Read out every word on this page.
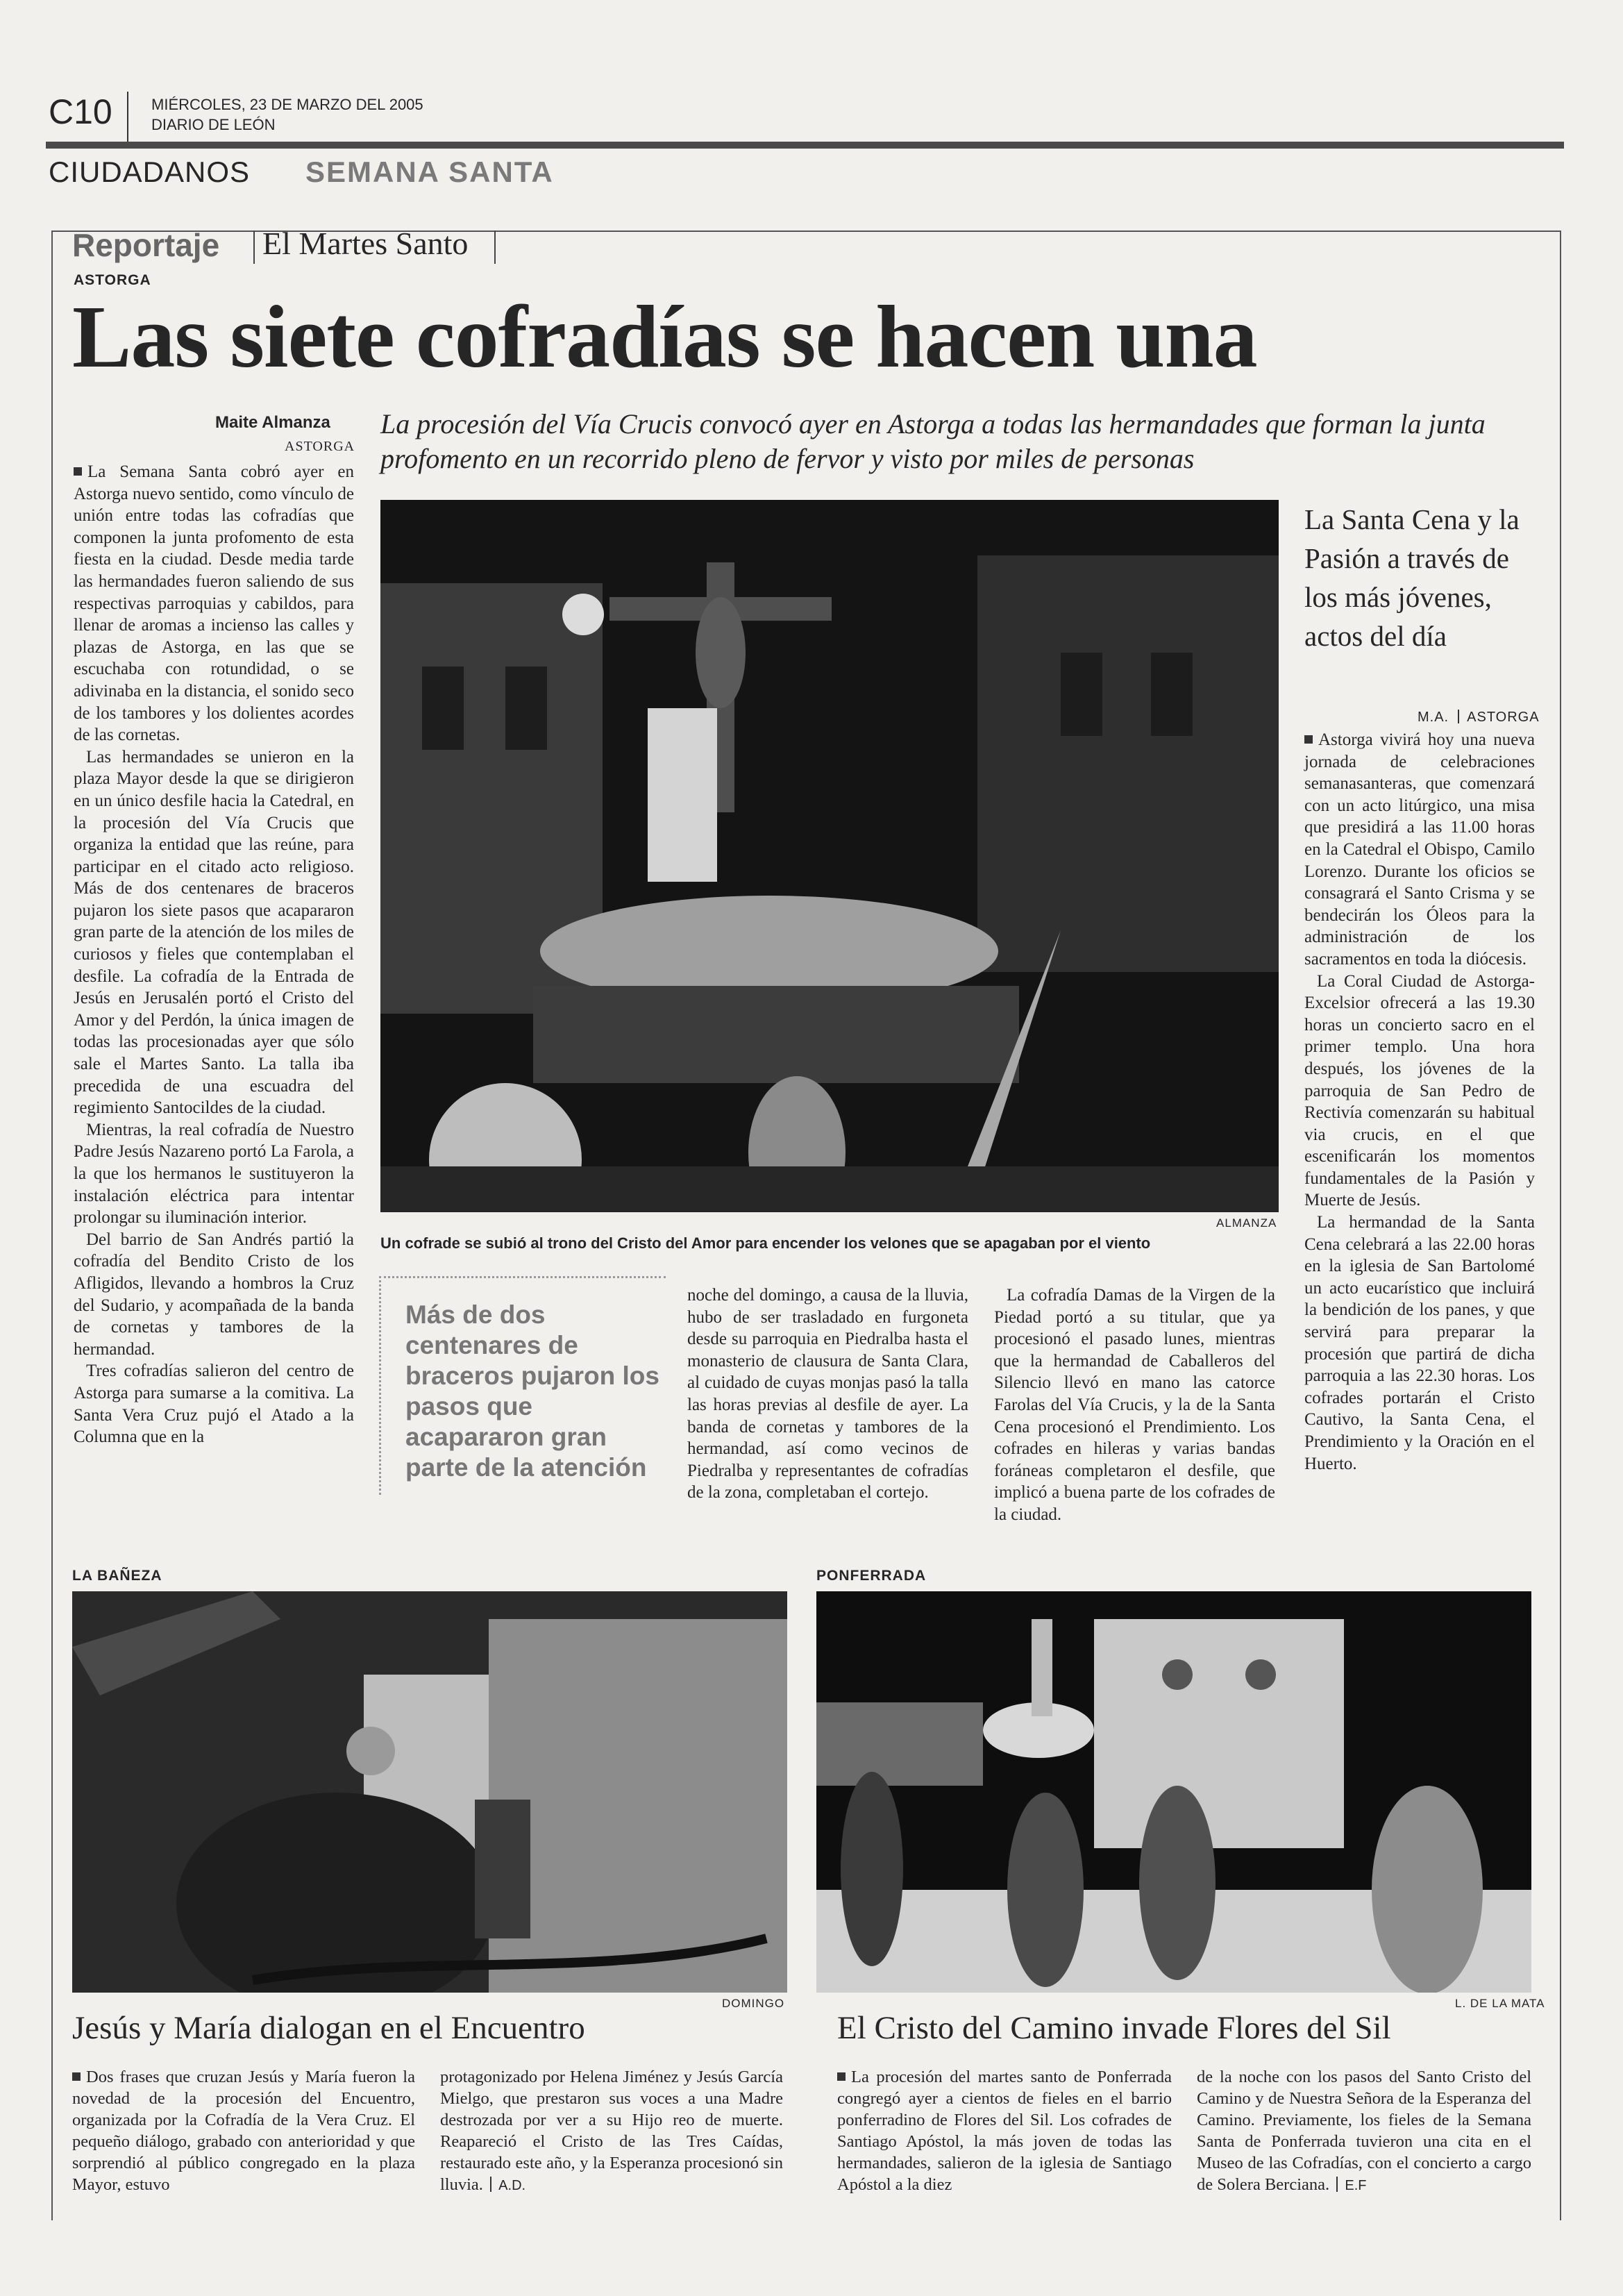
C10	MIÉRCOLES, 23 DE MARZO DEL 2005
DIARIO DE LEÓN
CIUDADANOS SEMANA SANTA
Reportaje El Martes Santo
ASTORGA
Las siete cofradías se hacen una
Maite Almanza
ASTORGA
La procesión del Vía Crucis convocó ayer en Astorga a todas las hermandades que forman la junta profomento en un recorrido pleno de fervor y visto por miles de personas

La Semana Santa cobró ayer en Astorga nuevo sentido, como vínculo de unión entre todas las cofradías que componen la junta profomento de esta fiesta en la ciudad. Desde media tarde las hermandades fueron saliendo de sus respectivas parroquias y cabildos, para llenar de aromas a incienso las calles y plazas de Astorga, en las que se escuchaba con rotundidad, o se adivinaba en la distancia, el sonido seco de los tambores y los dolientes acordes de las cornetas.

Las hermandades se unieron en la plaza Mayor desde la que se dirigieron en un único desfile hacia la Catedral, en la procesión del Vía Crucis que organiza la entidad que las reúne, para participar en el citado acto religioso. Más de dos centenares de braceros pujaron los siete pasos que acapararon gran parte de la atención de los miles de curiosos y fieles que contemplaban el desfile. La cofradía de la Entrada de Jesús en Jerusalén portó el Cristo del Amor y del Perdón, la única imagen de todas las procesionadas ayer que sólo sale el Martes Santo. La talla iba precedida de una escuadra del regimiento Santocildes de la ciudad.

Mientras, la real cofradía de Nuestro Padre Jesús Nazareno portó La Farola, a la que los hermanos le sustituyeron la instalación eléctrica para intentar prolongar su iluminación interior.

Del barrio de San Andrés partió la cofradía del Bendito Cristo de los Afligidos, llevando a hombros la Cruz del Sudario, y acompañada de la banda de cornetas y tambores de la hermandad.

Tres cofradías salieron del centro de Astorga para sumarse a la comitiva. La Santa Vera Cruz pujó el Atado a la Columna que en la

ALMANZA
Un cofrade se subió al trono del Cristo del Amor para encender los velones que se apagaban por el viento
Más de dos centenares de braceros pujaron los pasos que acapararon gran parte de la atención

noche del domingo, a causa de la lluvia, hubo de ser trasladado en furgoneta desde su parroquia en Piedralba hasta el monasterio de clausura de Santa Clara, al cuidado de cuyas monjas pasó la talla las horas previas al desfile de ayer. La banda de cornetas y tambores de la hermandad, así como vecinos de Piedralba y representantes de cofradías de la zona, completaban el cortejo.

La cofradía Damas de la Virgen de la Piedad portó a su titular, que ya procesionó el pasado lunes, mientras que la hermandad de Caballeros del Silencio llevó en mano las catorce Farolas del Vía Crucis, y la de la Santa Cena procesionó el Prendimiento. Los cofrades en hileras y varias bandas foráneas completaron el desfile, que implicó a buena parte de los cofrades de la ciudad.

La Santa Cena y la Pasión a través de los más jóvenes, actos del día
M.A. ASTORGA

Astorga vivirá hoy una nueva jornada de celebraciones semanasanteras, que comenzará con un acto litúrgico, una misa que presidirá a las 11.00 horas en la Catedral el Obispo, Camilo Lorenzo. Durante los oficios se consagrará el Santo Crisma y se bendecirán los Óleos para la administración de los sacramentos en toda la diócesis.

La Coral Ciudad de Astorga-Excelsior ofrecerá a las 19.30 horas un concierto sacro en el primer templo. Una hora después, los jóvenes de la parroquia de San Pedro de Rectivía comenzarán su habitual via crucis, en el que escenificarán los momentos fundamentales de la Pasión y Muerte de Jesús.

La hermandad de la Santa Cena celebrará a las 22.00 horas en la iglesia de San Bartolomé un acto eucarístico que incluirá la bendición de los panes, y que servirá para preparar la procesión que partirá de dicha parroquia a las 22.30 horas. Los cofrades portarán el Cristo Cautivo, la Santa Cena, el Prendimiento y la Oración en el Huerto.

LA BAÑEZA
DOMINGO
Jesús y María dialogan en el Encuentro
Dos frases que cruzan Jesús y María fueron la novedad de la procesión del Encuentro, organizada por la Cofradía de la Vera Cruz. El pequeño diálogo, grabado con anterioridad y que sorprendió al público congregado en la plaza Mayor, estuvo
protagonizado por Helena Jiménez y Jesús García Mielgo, que prestaron sus voces a una Madre destrozada por ver a su Hijo reo de muerte. Reapareció el Cristo de las Tres Caídas, restaurado este año, y la Esperanza procesionó sin lluvia. A.D.
PONFERRADA
L. DE LA MATA
El Cristo del Camino invade Flores del Sil
La procesión del martes santo de Ponferrada congregó ayer a cientos de fieles en el barrio ponferradino de Flores del Sil. Los cofrades de Santiago Apóstol, la más joven de todas las hermandades, salieron de la iglesia de Santiago Apóstol a la diez
de la noche con los pasos del Santo Cristo del Camino y de Nuestra Señora de la Esperanza del Camino. Previamente, los fieles de la Semana Santa de Ponferrada tuvieron una cita en el Museo de las Cofradías, con el concierto a cargo de Solera Berciana. E.F
